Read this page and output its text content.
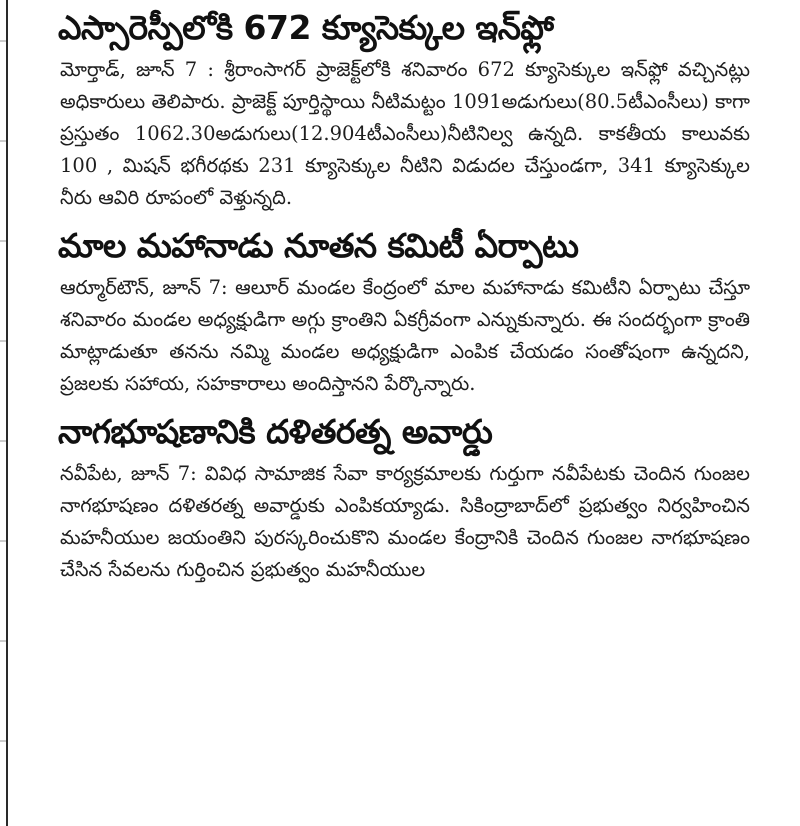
ఎస్సారెస్పీలోకి 672 క్యూసెక్కుల ఇన్‌ఫ్లో
మోర్తాడ్‌, జూన్‌ 7 : శ్రీరాంసాగర్‌ ప్రాజెక్ట్‌లోకి శనివారం 672 క్యూసెక్కుల ఇన్‌ఫ్లో వచ్చినట్లు అధికారులు తెలిపారు. ప్రాజెక్ట్‌ పూర్తిస్థాయి నీటిమట్టం 1091అడుగులు(80.5టీఎంసీలు) కాగా ప్రస్తుతం 1062.30అడుగులు(12.904టీఎంసీలు)నీటినిల్వ ఉన్నది. కాకతీయ కాలువకు 100 , మిషన్‌ భగీరథకు 231 క్యూసెక్కుల నీటిని విడుదల చేస్తుండగా, 341 క్యూసెక్కుల నీరు ఆవిరి రూపంలో వెళ్తున్నది.
మాల మహానాడు నూతన కమిటీ ఏర్పాటు
ఆర్మూర్‌టౌన్‌, జూన్‌ 7: ఆలూర్‌ మండల కేంద్రంలో మాల మహానాడు కమిటీని ఏర్పాటు చేస్తూ శనివారం మండల అధ్యక్షుడిగా అగ్గు క్రాంతిని ఏకగ్రీవంగా ఎన్నుకున్నారు. ఈ సందర్భంగా క్రాంతి మాట్లాడుతూ తనను నమ్మి మండల అధ్యక్షుడిగా ఎంపిక చేయడం సంతోషంగా ఉన్నదని, ప్రజలకు సహాయ, సహకారాలు అందిస్తానని పేర్కొన్నారు.
నాగభూషణానికి దళితరత్న అవార్డు
నవీపేట, జూన్‌ 7: వివిధ సామాజిక సేవా కార్యక్రమాలకు గుర్తుగా నవీపేటకు చెందిన గుంజల నాగభూషణం దళితరత్న అవార్డుకు ఎంపికయ్యాడు. సికింద్రాబాద్‌లో ప్రభుత్వం నిర్వహించిన మహనీయుల జయంతిని పురస్కరించుకొని మండల కేంద్రానికి చెందిన గుంజల నాగభూషణం చేసిన సేవలను గుర్తించిన ప్రభుత్వం మహనీయుల
